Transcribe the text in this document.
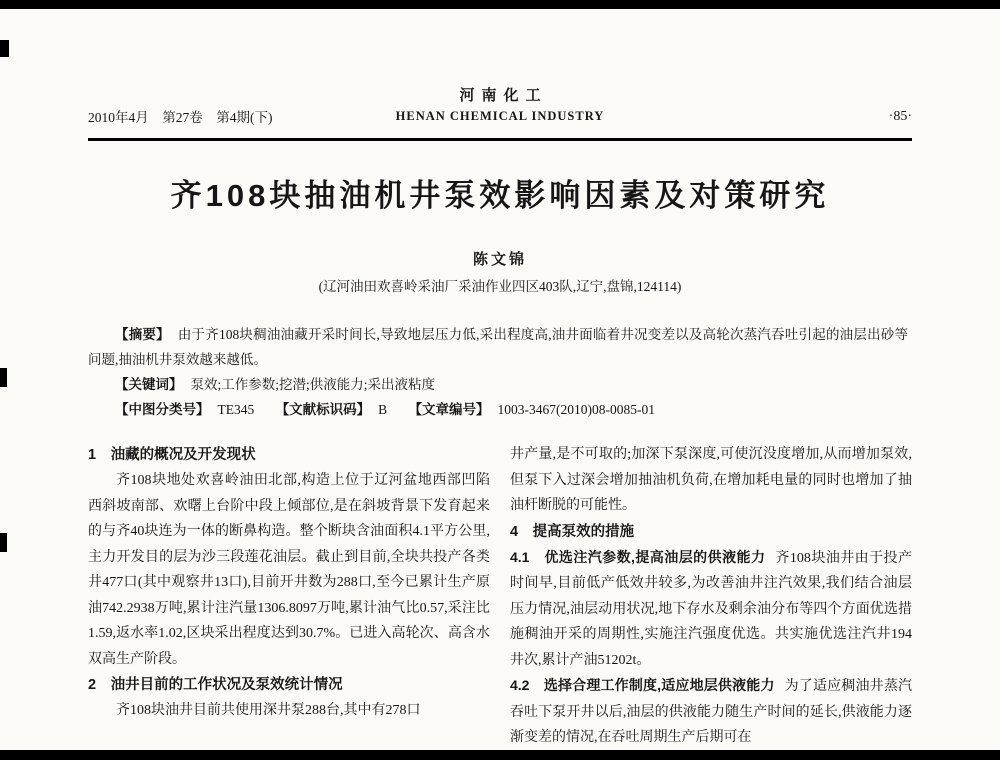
2010年4月　第27卷　第4期(下)
河南化工
HENAN CHEMICAL INDUSTRY	·85·
齐108块抽油机井泵效影响因素及对策研究
陈文锦
(辽河油田欢喜岭采油厂采油作业四区403队,辽宁,盘锦,124114)

【摘要】 由于齐108块稠油油藏开采时间长,导致地层压力低,采出程度高,油井面临着井况变差以及高轮次蒸汽吞吐引起的油层出砂等问题,抽油机井泵效越来越低。

【关键词】 泵效;工作参数;挖潜;供液能力;采出液粘度

【中图分类号】 TE345 【文献标识码】 B 【文章编号】 1003-3467(2010)08-0085-01

1　油藏的概况及开发现状

齐108块地处欢喜岭油田北部,构造上位于辽河盆地西部凹陷西斜坡南部、欢曙上台阶中段上倾部位,是在斜坡背景下发育起来的与齐40块连为一体的断鼻构造。整个断块含油面积4.1平方公里,主力开发目的层为沙三段莲花油层。截止到目前,全块共投产各类井477口(其中观察井13口),目前开井数为288口,至今已累计生产原油742.2938万吨,累计注汽量1306.8097万吨,累计油气比0.57,采注比1.59,返水率1.02,区块采出程度达到30.7%。已进入高轮次、高含水双高生产阶段。

2　油井目前的工作状况及泵效统计情况

齐108块油井目前共使用深井泵288台,其中有278口

井产量,是不可取的;加深下泵深度,可使沉没度增加,从而增加泵效,但泵下入过深会增加抽油机负荷,在增加耗电量的同时也增加了抽油杆断脱的可能性。

4　提高泵效的措施

4.1　优选注汽参数,提高油层的供液能力 齐108块油井由于投产时间早,目前低产低效井较多,为改善油井注汽效果,我们结合油层压力情况,油层动用状况,地下存水及剩余油分布等四个方面优选措施稠油开采的周期性,实施注汽强度优选。共实施优选注汽井194井次,累计产油51202t。

4.2　选择合理工作制度,适应地层供液能力 为了适应稠油井蒸汽吞吐下泵开井以后,油层的供液能力随生产时间的延长,供液能力逐渐变差的情况,在吞吐周期生产后期可在
